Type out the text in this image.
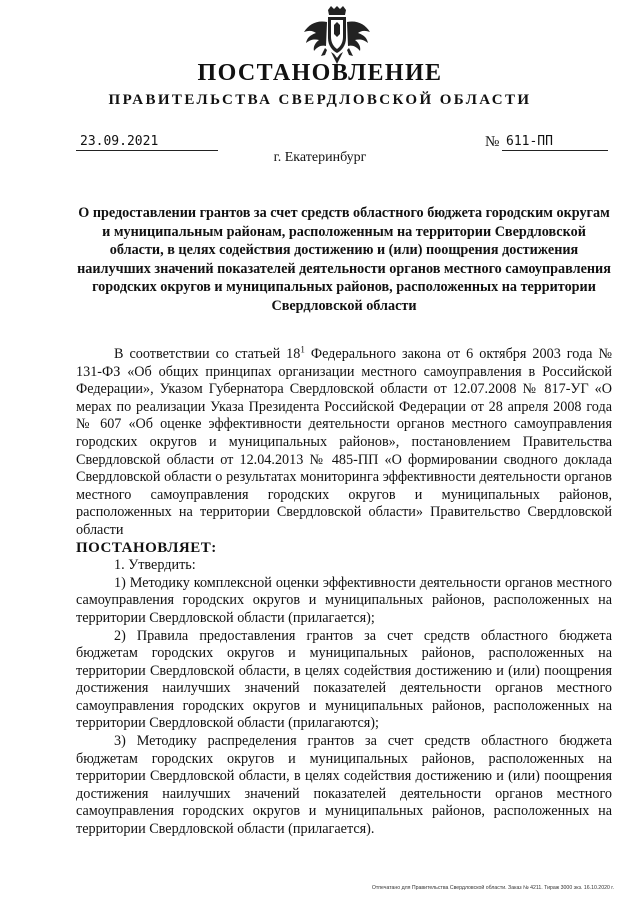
ПОСТАНОВЛЕНИЕ
ПРАВИТЕЛЬСТВА СВЕРДЛОВСКОЙ ОБЛАСТИ
23.09.2021	№ 611-ПП
г. Екатеринбург

О предоставлении грантов за счет средств областного бюджета городским округам и муниципальным районам, расположенным на территории Свердловской области, в целях содействия достижению и (или) поощрения достижения наилучших значений показателей деятельности органов местного самоуправления городских округов и муниципальных районов, расположенных на территории Свердловской области

В соответствии со статьей $18^1$ Федерального закона от 6 октября 2003 года № 131-ФЗ «Об общих принципах организации местного самоуправления в Российской Федерации», Указом Губернатора Свердловской области от 12.07.2008 № 817-УГ «О мерах по реализации Указа Президента Российской Федерации от 28 апреля 2008 года № 607 «Об оценке эффективности деятельности органов местного самоуправления городских округов и муниципальных районов», постановлением Правительства Свердловской области от 12.04.2013 № 485-ПП «О формировании сводного доклада Свердловской области о результатах мониторинга эффективности деятельности органов местного самоуправления городских округов и муниципальных районов, расположенных на территории Свердловской области» Правительство Свердловской области

ПОСТАНОВЛЯЕТ:

1. Утвердить:

1) Методику комплексной оценки эффективности деятельности органов местного самоуправления городских округов и муниципальных районов, расположенных на территории Свердловской области (прилагается);

2) Правила предоставления грантов за счет средств областного бюджета бюджетам городских округов и муниципальных районов, расположенных на территории Свердловской области, в целях содействия достижению и (или) поощрения достижения наилучших значений показателей деятельности органов местного самоуправления городских округов и муниципальных районов, расположенных на территории Свердловской области (прилагаются);

3) Методику распределения грантов за счет средств областного бюджета бюджетам городских округов и муниципальных районов, расположенных на территории Свердловской области, в целях содействия достижению и (или) поощрения достижения наилучших значений показателей деятельности органов местного самоуправления городских округов и муниципальных районов, расположенных на территории Свердловской области (прилагается).

Отпечатано для Правительства Свердловской области. Заказ № 4211. Тираж 3000 экз. 16.10.2020 г.
